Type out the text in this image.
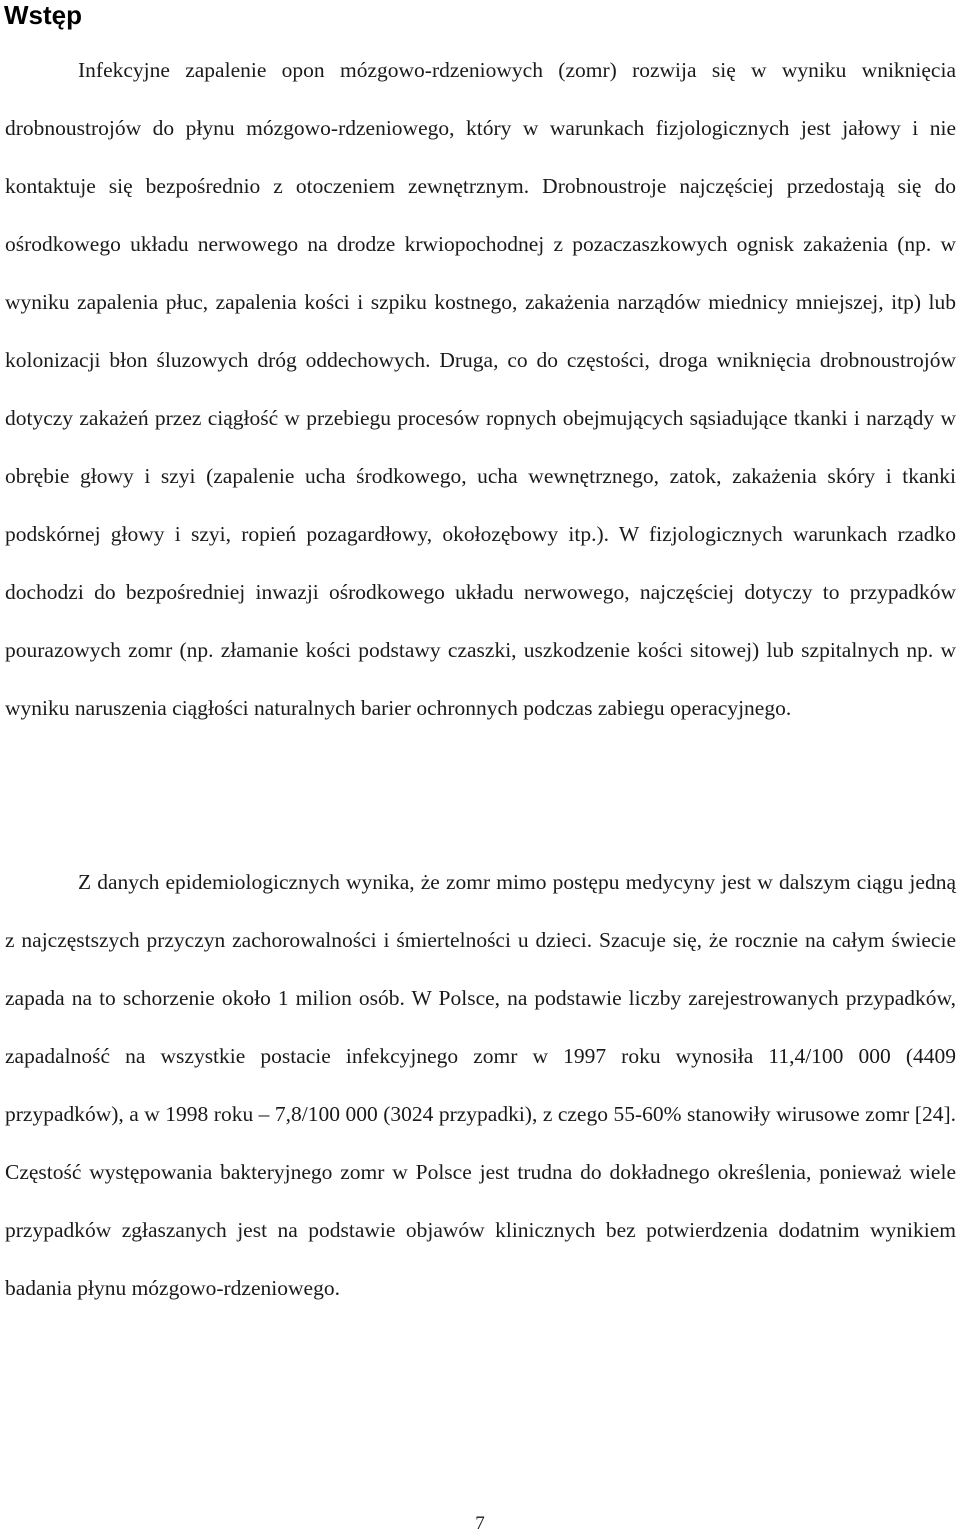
Wstęp

Infekcyjne zapalenie opon mózgowo-rdzeniowych (zomr) rozwija się w wyniku wniknięcia drobnoustrojów do płynu mózgowo-rdzeniowego, który w warunkach fizjologicznych jest jałowy i nie kontaktuje się bezpośrednio z otoczeniem zewnętrznym. Drobnoustroje najczęściej przedostają się do ośrodkowego układu nerwowego na drodze krwiopochodnej z pozaczaszkowych ognisk zakażenia (np. w wyniku zapalenia płuc, zapalenia kości i szpiku kostnego, zakażenia narządów miednicy mniejszej, itp) lub kolonizacji błon śluzowych dróg oddechowych. Druga, co do częstości, droga wniknięcia drobnoustrojów dotyczy zakażeń przez ciągłość w przebiegu procesów ropnych obejmujących sąsiadujące tkanki i narządy w obrębie głowy i szyi (zapalenie ucha środkowego, ucha wewnętrznego, zatok, zakażenia skóry i tkanki podskórnej głowy i szyi, ropień pozagardłowy, okołozębowy itp.). W fizjologicznych warunkach rzadko dochodzi do bezpośredniej inwazji ośrodkowego układu nerwowego, najczęściej dotyczy to przypadków pourazowych zomr (np. złamanie kości podstawy czaszki, uszkodzenie kości sitowej) lub szpitalnych np. w wyniku naruszenia ciągłości naturalnych barier ochronnych podczas zabiegu operacyjnego.

Z danych epidemiologicznych wynika, że zomr mimo postępu medycyny jest w dalszym ciągu jedną z najczęstszych przyczyn zachorowalności i śmiertelności u dzieci. Szacuje się, że rocznie na całym świecie zapada na to schorzenie około 1 milion osób. W Polsce, na podstawie liczby zarejestrowanych przypadków, zapadalność na wszystkie postacie infekcyjnego zomr w 1997 roku wynosiła 11,4/100 000 (4409 przypadków), a w 1998 roku – 7,8/100 000 (3024 przypadki), z czego 55-60% stanowiły wirusowe zomr [24]. Częstość występowania bakteryjnego zomr w Polsce jest trudna do dokładnego określenia, ponieważ wiele przypadków zgłaszanych jest na podstawie objawów klinicznych bez potwierdzenia dodatnim wynikiem badania płynu mózgowo-rdzeniowego.

7
